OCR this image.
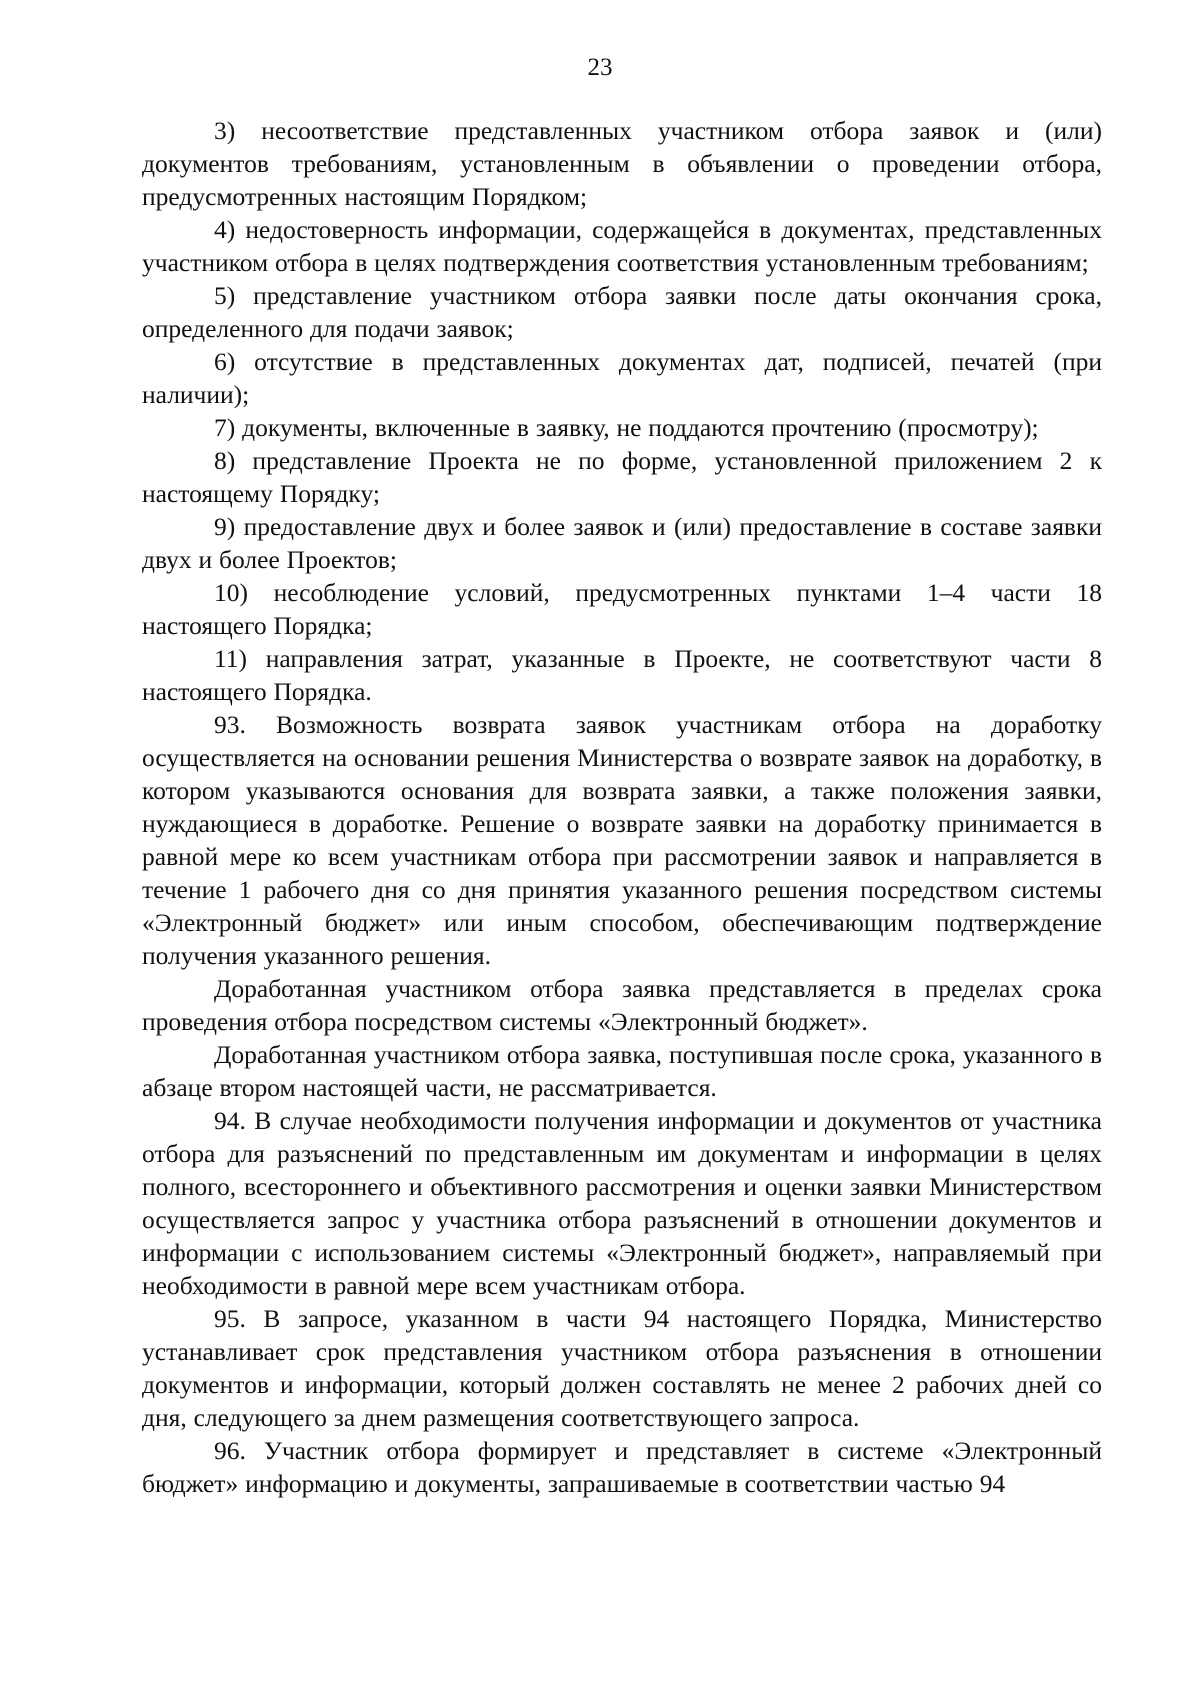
23

3) несоответствие представленных участником отбора заявок и (или) документов требованиям, установленным в объявлении о проведении отбора, предусмотренных настоящим Порядком;

4) недостоверность информации, содержащейся в документах, представленных участником отбора в целях подтверждения соответствия установленным требованиям;

5) представление участником отбора заявки после даты окончания срока, определенного для подачи заявок;

6) отсутствие в представленных документах дат, подписей, печатей (при наличии);

7) документы, включенные в заявку, не поддаются прочтению (просмотру);

8) представление Проекта не по форме, установленной приложением 2 к настоящему Порядку;

9) предоставление двух и более заявок и (или) предоставление в составе заявки двух и более Проектов;

10) несоблюдение условий, предусмотренных пунктами 1–4 части 18 настоящего Порядка;

11) направления затрат, указанные в Проекте, не соответствуют части 8 настоящего Порядка.

93. Возможность возврата заявок участникам отбора на доработку осуществляется на основании решения Министерства о возврате заявок на доработку, в котором указываются основания для возврата заявки, а также положения заявки, нуждающиеся в доработке. Решение о возврате заявки на доработку принимается в равной мере ко всем участникам отбора при рассмотрении заявок и направляется в течение 1 рабочего дня со дня принятия указанного решения посредством системы «Электронный бюджет» или иным способом, обеспечивающим подтверждение получения указанного решения.

Доработанная участником отбора заявка представляется в пределах срока проведения отбора посредством системы «Электронный бюджет».

Доработанная участником отбора заявка, поступившая после срока, указанного в абзаце втором настоящей части, не рассматривается.

94. В случае необходимости получения информации и документов от участника отбора для разъяснений по представленным им документам и информации в целях полного, всестороннего и объективного рассмотрения и оценки заявки Министерством осуществляется запрос у участника отбора разъяснений в отношении документов и информации с использованием системы «Электронный бюджет», направляемый при необходимости в равной мере всем участникам отбора.

95. В запросе, указанном в части 94 настоящего Порядка, Министерство устанавливает срок представления участником отбора разъяснения в отношении документов и информации, который должен составлять не менее 2 рабочих дней со дня, следующего за днем размещения соответствующего запроса.

96. Участник отбора формирует и представляет в системе «Электронный бюджет» информацию и документы, запрашиваемые в соответствии частью 94
